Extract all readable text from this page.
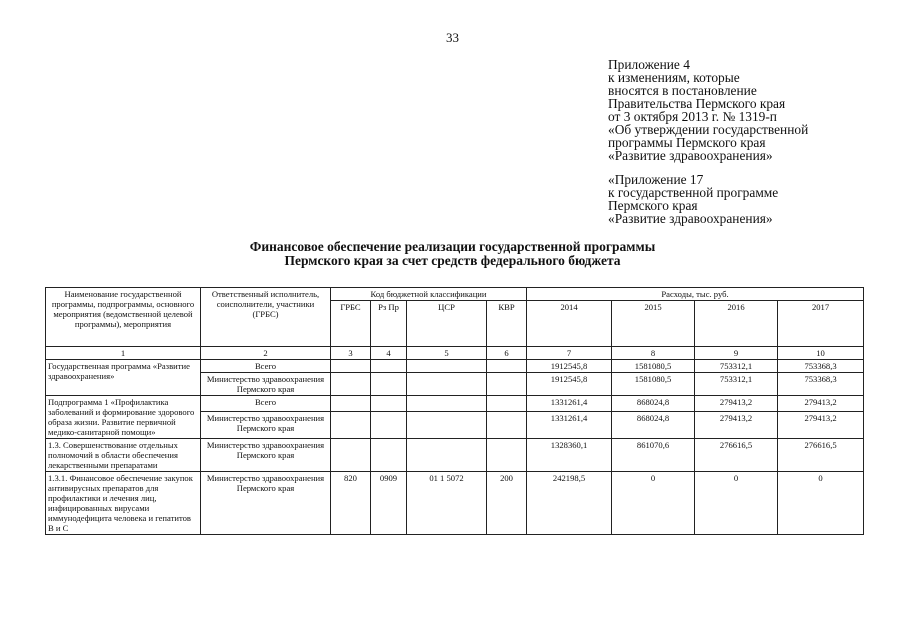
33
Приложение 4
к изменениям, которые
вносятся в постановление
Правительства Пермского края
от 3 октября 2013 г. № 1319-п
«Об утверждении государственной
программы Пермского края
«Развитие здравоохранения»
«Приложение 17
к государственной программе
Пермского края
«Развитие здравоохранения»
Финансовое обеспечение реализации государственной программы
Пермского края за счет средств федерального бюджета
Наименование государственной программы, подпрограммы, основного мероприятия (ведомственной целевой программы), мероприятия	Ответственный исполнитель, соисполнители, участники (ГРБС)	Код бюджетной классификации				Расходы, тыс. руб.			
		ГРБС	Рз Пр	ЦСР	КВР	2014	2015	2016	2017
1	2	3	4	5	6	7	8	9	10
Государственная программа «Развитие здравоохранения»	Всего					1912545,8	1581080,5	753312,1	753368,3
	Министерство здравоохранения Пермского края					1912545,8	1581080,5	753312,1	753368,3
Подпрограмма 1 «Профилактика заболеваний и формирование здорового образа жизни. Развитие первичной медико-санитарной помощи»	Всего					1331261,4	868024,8	279413,2	279413,2
	Министерство здравоохранения Пермского края					1331261,4	868024,8	279413,2	279413,2
1.3. Совершенствование отдельных полномочий в области обеспечения лекарственными препаратами	Министерство здравоохранения Пермского края					1328360,1	861070,6	276616,5	276616,5
1.3.1. Финансовое обеспечение закупок антивирусных препаратов для профилактики и лечения лиц, инфицированных вирусами иммунодефицита человека и гепатитов В и С	Министерство здравоохранения Пермского края	820	0909	01 1 5072	200	242198,5	0	0	0
